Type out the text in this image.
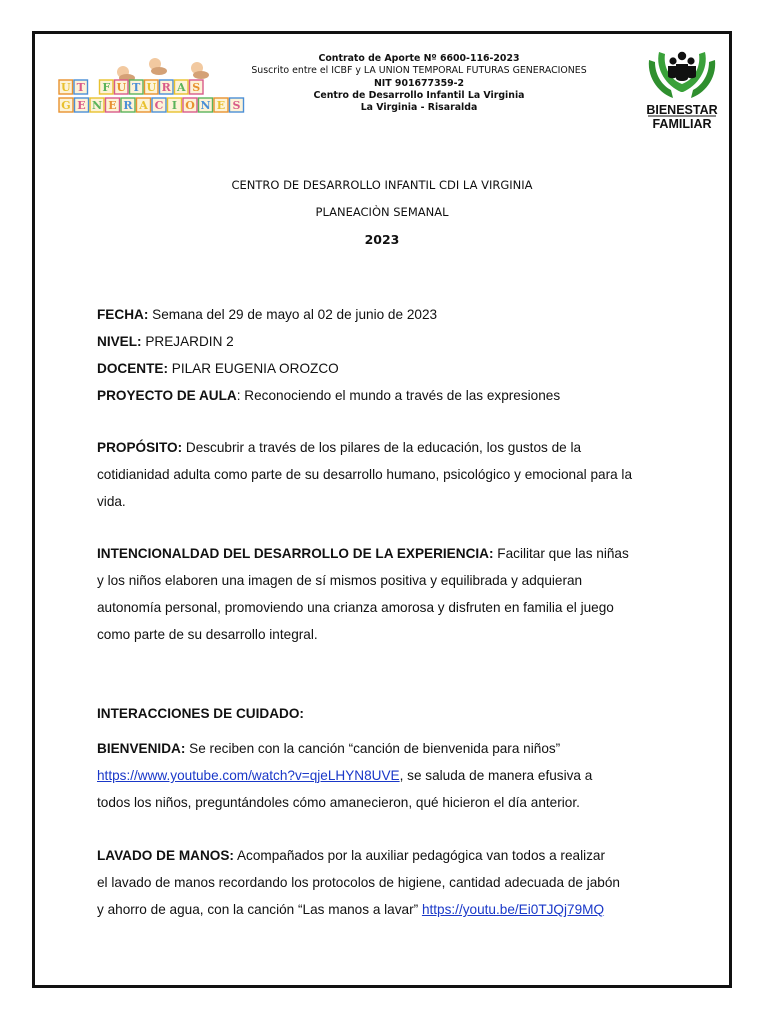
U T F U T U R A S
G E N E R A C I O N E S
Contrato de Aporte Nº 6600-116-2023
Suscrito entre el ICBF y LA UNION TEMPORAL FUTURAS GENERACIONES
NIT 901677359-2
Centro de Desarrollo Infantil La Virginia
La Virginia - Risaralda	BIENESTAR
FAMILIAR
CENTRO DE DESARROLLO INFANTIL CDI LA VIRGINIA
PLANEACIÒN SEMANAL
2023
FECHA: Semana del 29 de mayo al 02 de junio de 2023
NIVEL: PREJARDIN 2
DOCENTE: PILAR EUGENIA OROZCO
PROYECTO DE AULA: Reconociendo el mundo a través de las expresiones
PROPÓSITO: Descubrir a través de los pilares de la educación, los gustos de la
cotidianidad adulta como parte de su desarrollo humano, psicológico y emocional para la
vida.
INTENCIONALDAD DEL DESARROLLO DE LA EXPERIENCIA: Facilitar que las niñas
y los niños elaboren una imagen de sí mismos positiva y equilibrada y adquieran
autonomía personal, promoviendo una crianza amorosa y disfruten en familia el juego
como parte de su desarrollo integral.
INTERACCIONES DE CUIDADO:
BIENVENIDA: Se reciben con la canción “canción de bienvenida para niños”
https://www.youtube.com/watch?v=qjeLHYN8UVE, se saluda de manera efusiva a
todos los niños, preguntándoles cómo amanecieron, qué hicieron el día anterior.
LAVADO DE MANOS: Acompañados por la auxiliar pedagógica van todos a realizar
el lavado de manos recordando los protocolos de higiene, cantidad adecuada de jabón
y ahorro de agua, con la canción “Las manos a lavar” https://youtu.be/Ei0TJQj79MQ
